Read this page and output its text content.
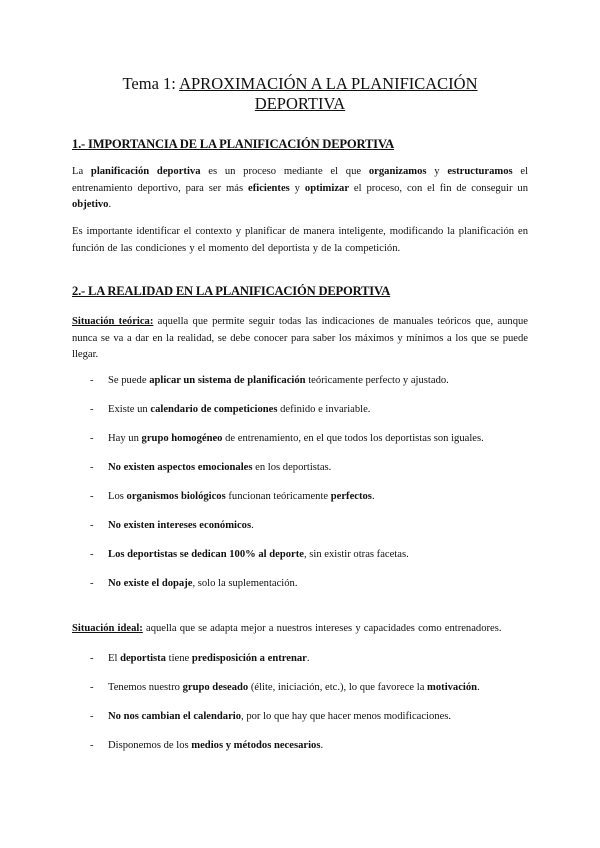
Tema 1: APROXIMACIÓN A LA PLANIFICACIÓN
DEPORTIVA
1.- IMPORTANCIA DE LA PLANIFICACIÓN DEPORTIVA
La planificación deportiva es un proceso mediante el que organizamos y estructuramos el entrenamiento deportivo, para ser más eficientes y optimizar el proceso, con el fin de conseguir un objetivo.
Es importante identificar el contexto y planificar de manera inteligente, modificando la planificación en función de las condiciones y el momento del deportista y de la competición.
2.- LA REALIDAD EN LA PLANIFICACIÓN DEPORTIVA
Situación teórica: aquella que permite seguir todas las indicaciones de manuales teóricos que, aunque nunca se va a dar en la realidad, se debe conocer para saber los máximos y mínimos a los que se puede llegar.
- Se puede aplicar un sistema de planificación teóricamente perfecto y ajustado.
- Existe un calendario de competiciones definido e invariable.
- Hay un grupo homogéneo de entrenamiento, en el que todos los deportistas son iguales.
- No existen aspectos emocionales en los deportistas.
- Los organismos biológicos funcionan teóricamente perfectos.
- No existen intereses económicos.
- Los deportistas se dedican 100% al deporte, sin existir otras facetas.
- No existe el dopaje, solo la suplementación.
Situación ideal: aquella que se adapta mejor a nuestros intereses y capacidades como entrenadores.
- El deportista tiene predisposición a entrenar.
- Tenemos nuestro grupo deseado (élite, iniciación, etc.), lo que favorece la motivación.
- No nos cambian el calendario, por lo que hay que hacer menos modificaciones.
- Disponemos de los medios y métodos necesarios.
